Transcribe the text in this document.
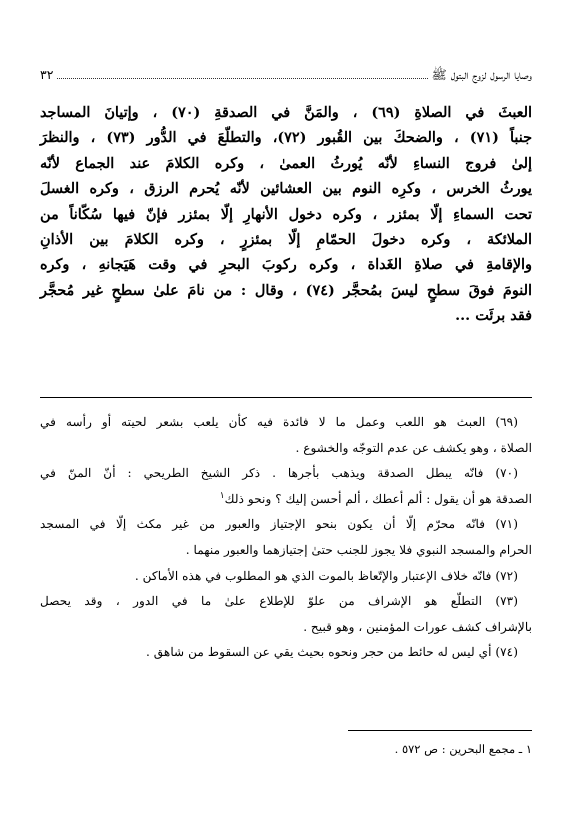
وصايا الرسول لزوج البتول ﷺ
٣٢

العبثَ في الصلاةِ (٦٩) ، والمَنَّ في الصدقةِ (٧٠) ، وإتيانَ المساجد

جنباً (٧١) ، والضحكَ بين القُبور (٧٢)، والتطلّعَ في الدُّور (٧٣) ، والنظرَ

إلىٰ فروج النساءِ لأنّه يُورثُ العمىٰ ، وكره الكلامَ عند الجماع لأنّه

يورثُ الخرس ، وكرِه النوم بين العشائين لأنّه يُحرم الرزق ، وكره الغسلَ

تحت السماءِ إلّا بمئزر ، وكره دخول الأنهارِ إلّا بمئزر فإنّ فيها سُكّاناً من

الملائكة ، وكره دخولَ الحمّامِ إلّا بمئزرٍ ، وكره الكلامَ بين الأذانِ

والإقامةِ في صلاةِ الغَداة ، وكره ركوبَ البحرِ في وقت هَيَجانهِ ، وكره

النومَ فوقَ سطحٍ ليسَ بمُحجَّر (٧٤) ، وقال : من نامَ علىٰ سطحٍ غير مُحجَّر

فقد برئَت ...

(٦٩) العبث هو اللعب وعمل ما لا فائدة فيه كأن يلعب بشعر لحيته أو رأسه في

الصلاة ، وهو يكشف عن عدم التوجّه والخشوع .

(٧٠) فانّه يبطل الصدقة ويذهب بأجرها . ذكر الشيخ الطريحي : أنّ المنّ في

الصدقة هو أن يقول : ألم أعطك ، ألم أحسن إليك ؟ ونحو ذلك$^١$

(٧١) فانّه محرّم إلّا أن يكون بنحو الإجتياز والعبور من غير مكث إلّا في المسجد

الحرام والمسجد النبوي فلا يجوز للجنب حتىٰ إجتيازهما والعبور منهما .

(٧٢) فانّه خلاف الإعتبار والإتّعاظ بالموت الذي هو المطلوب في هذه الأماكن .

(٧٣) التطلّع هو الإشراف من علوّ للإطلاع علىٰ ما في الدور ، وقد يحصل

بالإشراف كشف عورات المؤمنين ، وهو قبيح .

(٧٤) أي ليس له حائط من حجر ونحوه بحيث يقي عن السقوط من شاهق .

١ ـ مجمع البحرين : ص ٥٧٢ .
